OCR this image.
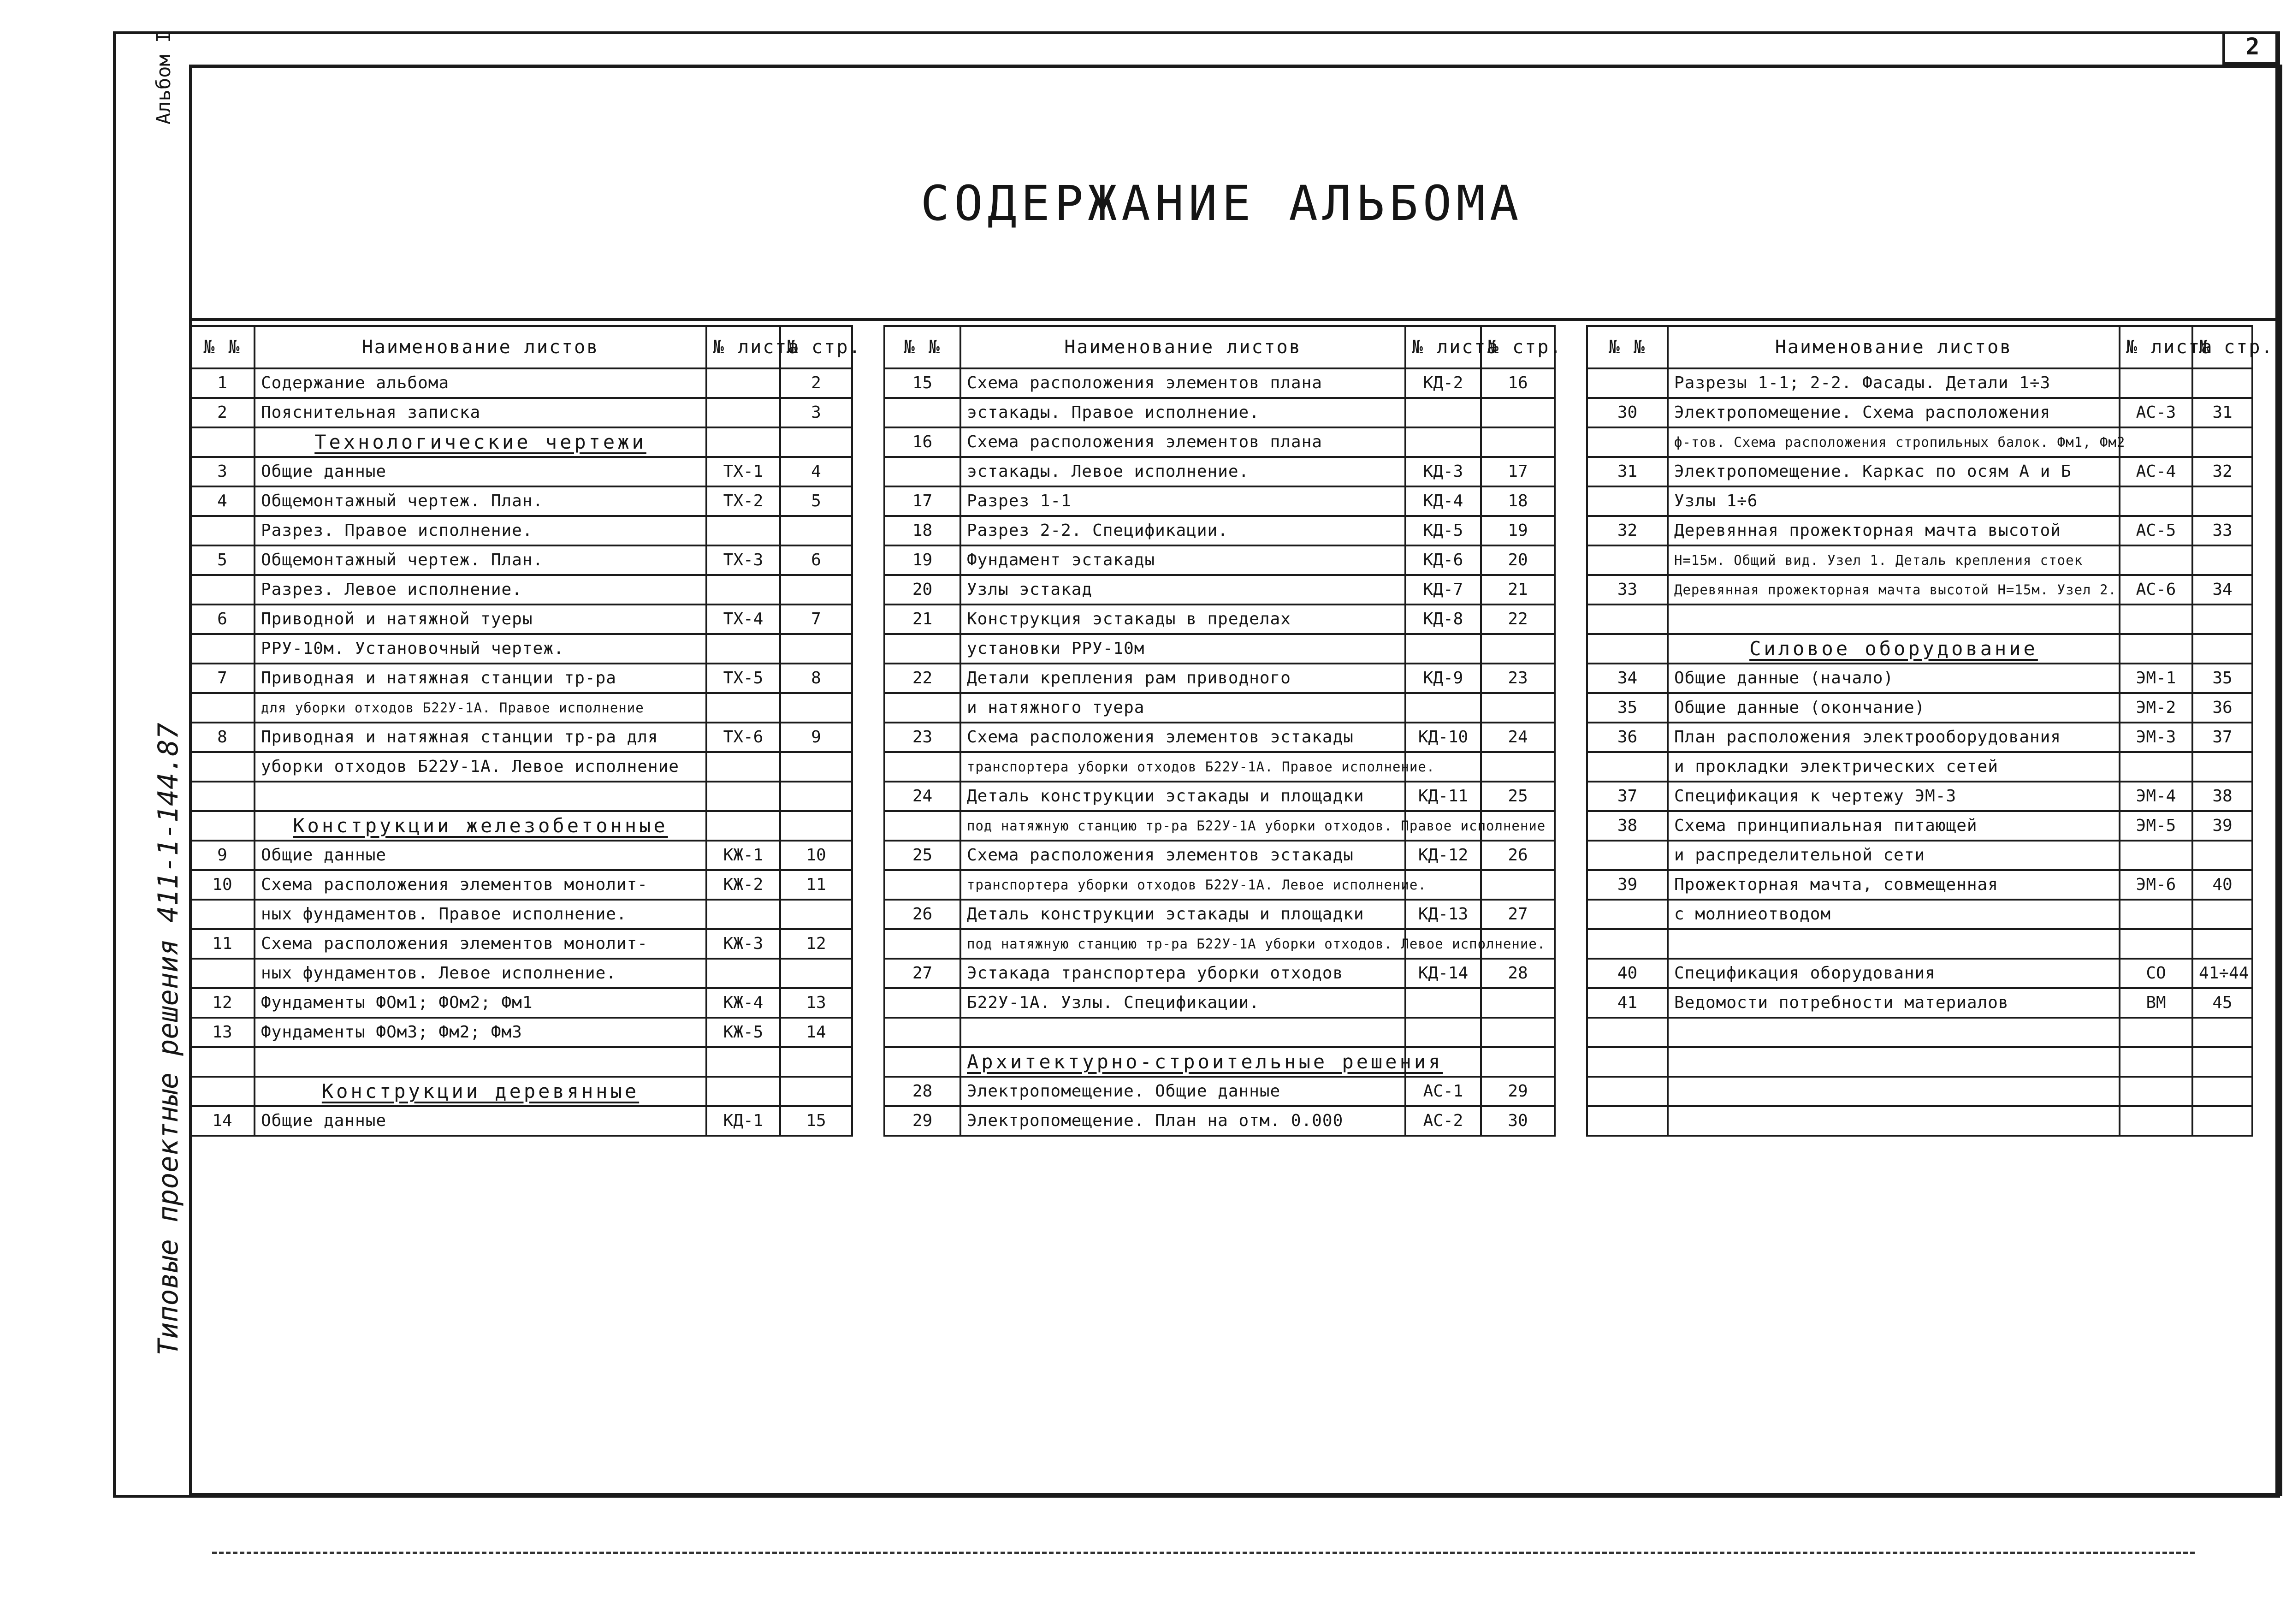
2
СОДЕРЖАНИЕ АЛЬБОМА
Альбом I
Типовые проектные решения 411-1-144.87
№ №	Наименование листов	№ листа	№ стр.
1	Содержание альбома		2
2	Пояснительная записка		3
	Технологические чертежи		
3	Общие данные	ТХ-1	4
4	Общемонтажный чертеж. План.	ТХ-2	5
	Разрез. Правое исполнение.		
5	Общемонтажный чертеж. План.	ТХ-3	6
	Разрез. Левое исполнение.		
6	Приводной и натяжной туеры	ТХ-4	7
	РРУ-10м. Установочный чертеж.		
7	Приводная и натяжная станции тр-ра	ТХ-5	8
	для уборки отходов Б22У-1А. Правое исполнение		
8	Приводная и натяжная станции тр-ра для	ТХ-6	9
	уборки отходов Б22У-1А. Левое исполнение		

	Конструкции железобетонные		
9	Общие данные	КЖ-1	10
10	Схема расположения элементов монолит-	КЖ-2	11
	ных фундаментов. Правое исполнение.		
11	Схема расположения элементов монолит-	КЖ-3	12
	ных фундаментов. Левое исполнение.		
12	Фундаменты ФОм1; ФОм2; Фм1	КЖ-4	13
13	Фундаменты ФОм3; Фм2; Фм3	КЖ-5	14

	Конструкции деревянные		
14	Общие данные	КД-1	15
№ №	Наименование листов	№ листа	№ стр.
15	Схема расположения элементов плана	КД-2	16
	эстакады. Правое исполнение.		
16	Схема расположения элементов плана		
	эстакады. Левое исполнение.	КД-3	17
17	Разрез 1-1	КД-4	18
18	Разрез 2-2. Спецификации.	КД-5	19
19	Фундамент эстакады	КД-6	20
20	Узлы эстакад	КД-7	21
21	Конструкция эстакады в пределах	КД-8	22
	установки РРУ-10м		
22	Детали крепления рам приводного	КД-9	23
	и натяжного туера		
23	Схема расположения элементов эстакады	КД-10	24
	транспортера уборки отходов Б22У-1А. Правое исполнение.		
24	Деталь конструкции эстакады и площадки	КД-11	25
	под натяжную станцию тр-ра Б22У-1А уборки отходов. Правое исполнение		
25	Схема расположения элементов эстакады	КД-12	26
	транспортера уборки отходов Б22У-1А. Левое исполнение.		
26	Деталь конструкции эстакады и площадки	КД-13	27
	под натяжную станцию тр-ра Б22У-1А уборки отходов. Левое исполнение.		
27	Эстакада транспортера уборки отходов	КД-14	28
	Б22У-1А. Узлы. Спецификации.		

	Архитектурно-строительные решения		
28	Электропомещение. Общие данные	АС-1	29
29	Электропомещение. План на отм. 0.000	АС-2	30
№ №	Наименование листов	№ листа	№ стр.
	Разрезы 1-1; 2-2. Фасады. Детали 1÷3		
30	Электропомещение. Схема расположения	АС-3	31
	ф-тов. Схема расположения стропильных балок. Фм1, Фм2		
31	Электропомещение. Каркас по осям А и Б	АС-4	32
	Узлы 1÷6		
32	Деревянная прожекторная мачта высотой	АС-5	33
	Н=15м. Общий вид. Узел 1. Деталь крепления стоек		
33	Деревянная прожекторная мачта высотой Н=15м. Узел 2.	АС-6	34

	Силовое оборудование		
34	Общие данные (начало)	ЭМ-1	35
35	Общие данные (окончание)	ЭМ-2	36
36	План расположения электрооборудования	ЭМ-3	37
	и прокладки электрических сетей		
37	Спецификация к чертежу ЭМ-3	ЭМ-4	38
38	Схема принципиальная питающей	ЭМ-5	39
	и распределительной сети		
39	Прожекторная мачта, совмещенная	ЭМ-6	40
	с молниеотводом		

40	Спецификация оборудования	СО	41÷44
41	Ведомости потребности материалов	ВМ	45
